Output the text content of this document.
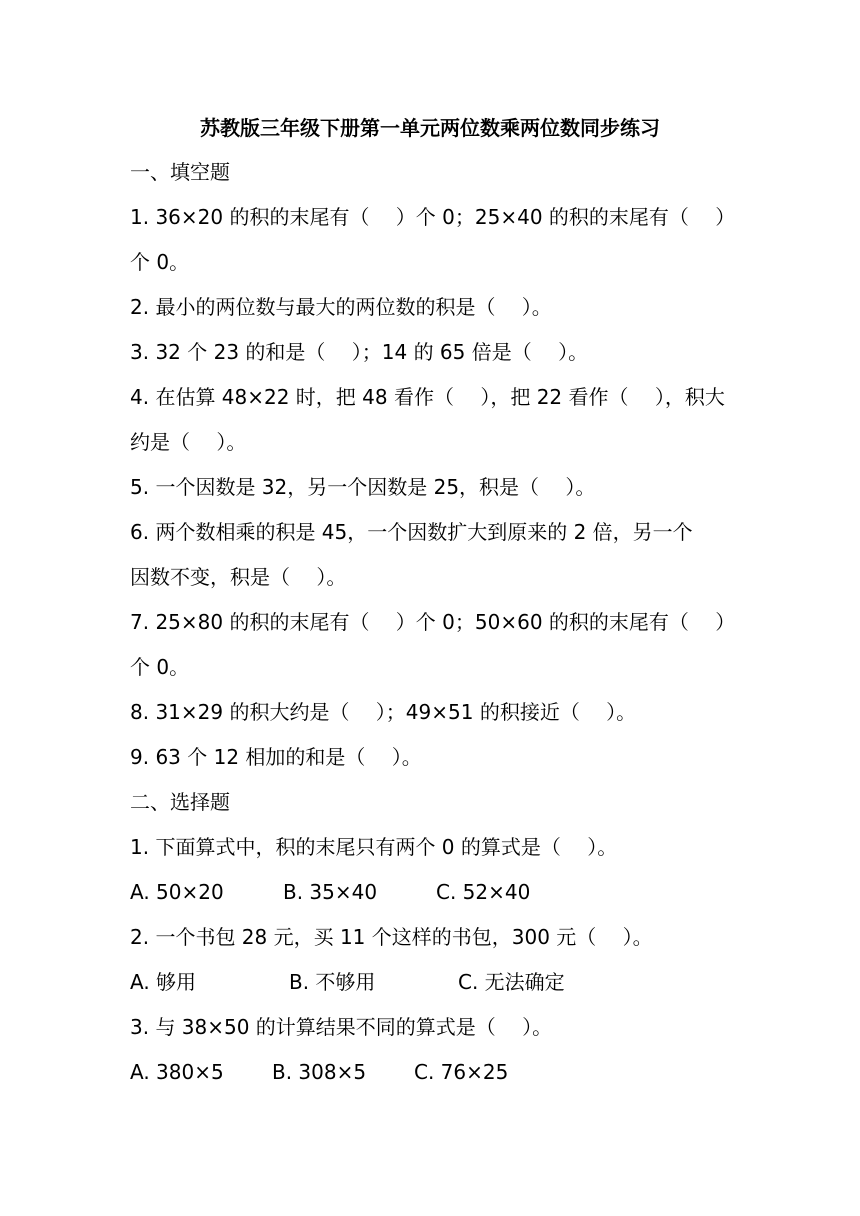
苏教版三年级下册第一单元两位数乘两位数同步练习
一、填空题
1. 36×20 的积的末尾有（　 ）个 0；25×40 的积的末尾有（　 ）
个 0。
2. 最小的两位数与最大的两位数的积是（　 ）。
3. 32 个 23 的和是（　 ）；14 的 65 倍是（　 ）。
4. 在估算 48×22 时，把 48 看作（　 ），把 22 看作（　 ），积大
约是（　 ）。
5. 一个因数是 32，另一个因数是 25，积是（　 ）。
6. 两个数相乘的积是 45，一个因数扩大到原来的 2 倍，另一个
因数不变，积是（　 ）。
7. 25×80 的积的末尾有（　 ）个 0；50×60 的积的末尾有（　 ）
个 0。
8. 31×29 的积大约是（　 ）；49×51 的积接近（　 ）。
9. 63 个 12 相加的和是（　 ）。
二、选择题
1. 下面算式中，积的末尾只有两个 0 的算式是（　 ）。
A. 50×20	B. 35×40	C. 52×40
2. 一个书包 28 元，买 11 个这样的书包，300 元（　 ）。
A. 够用	B. 不够用	C. 无法确定
3. 与 38×50 的计算结果不同的算式是（　 ）。
A. 380×5 B. 308×5 C. 76×25
